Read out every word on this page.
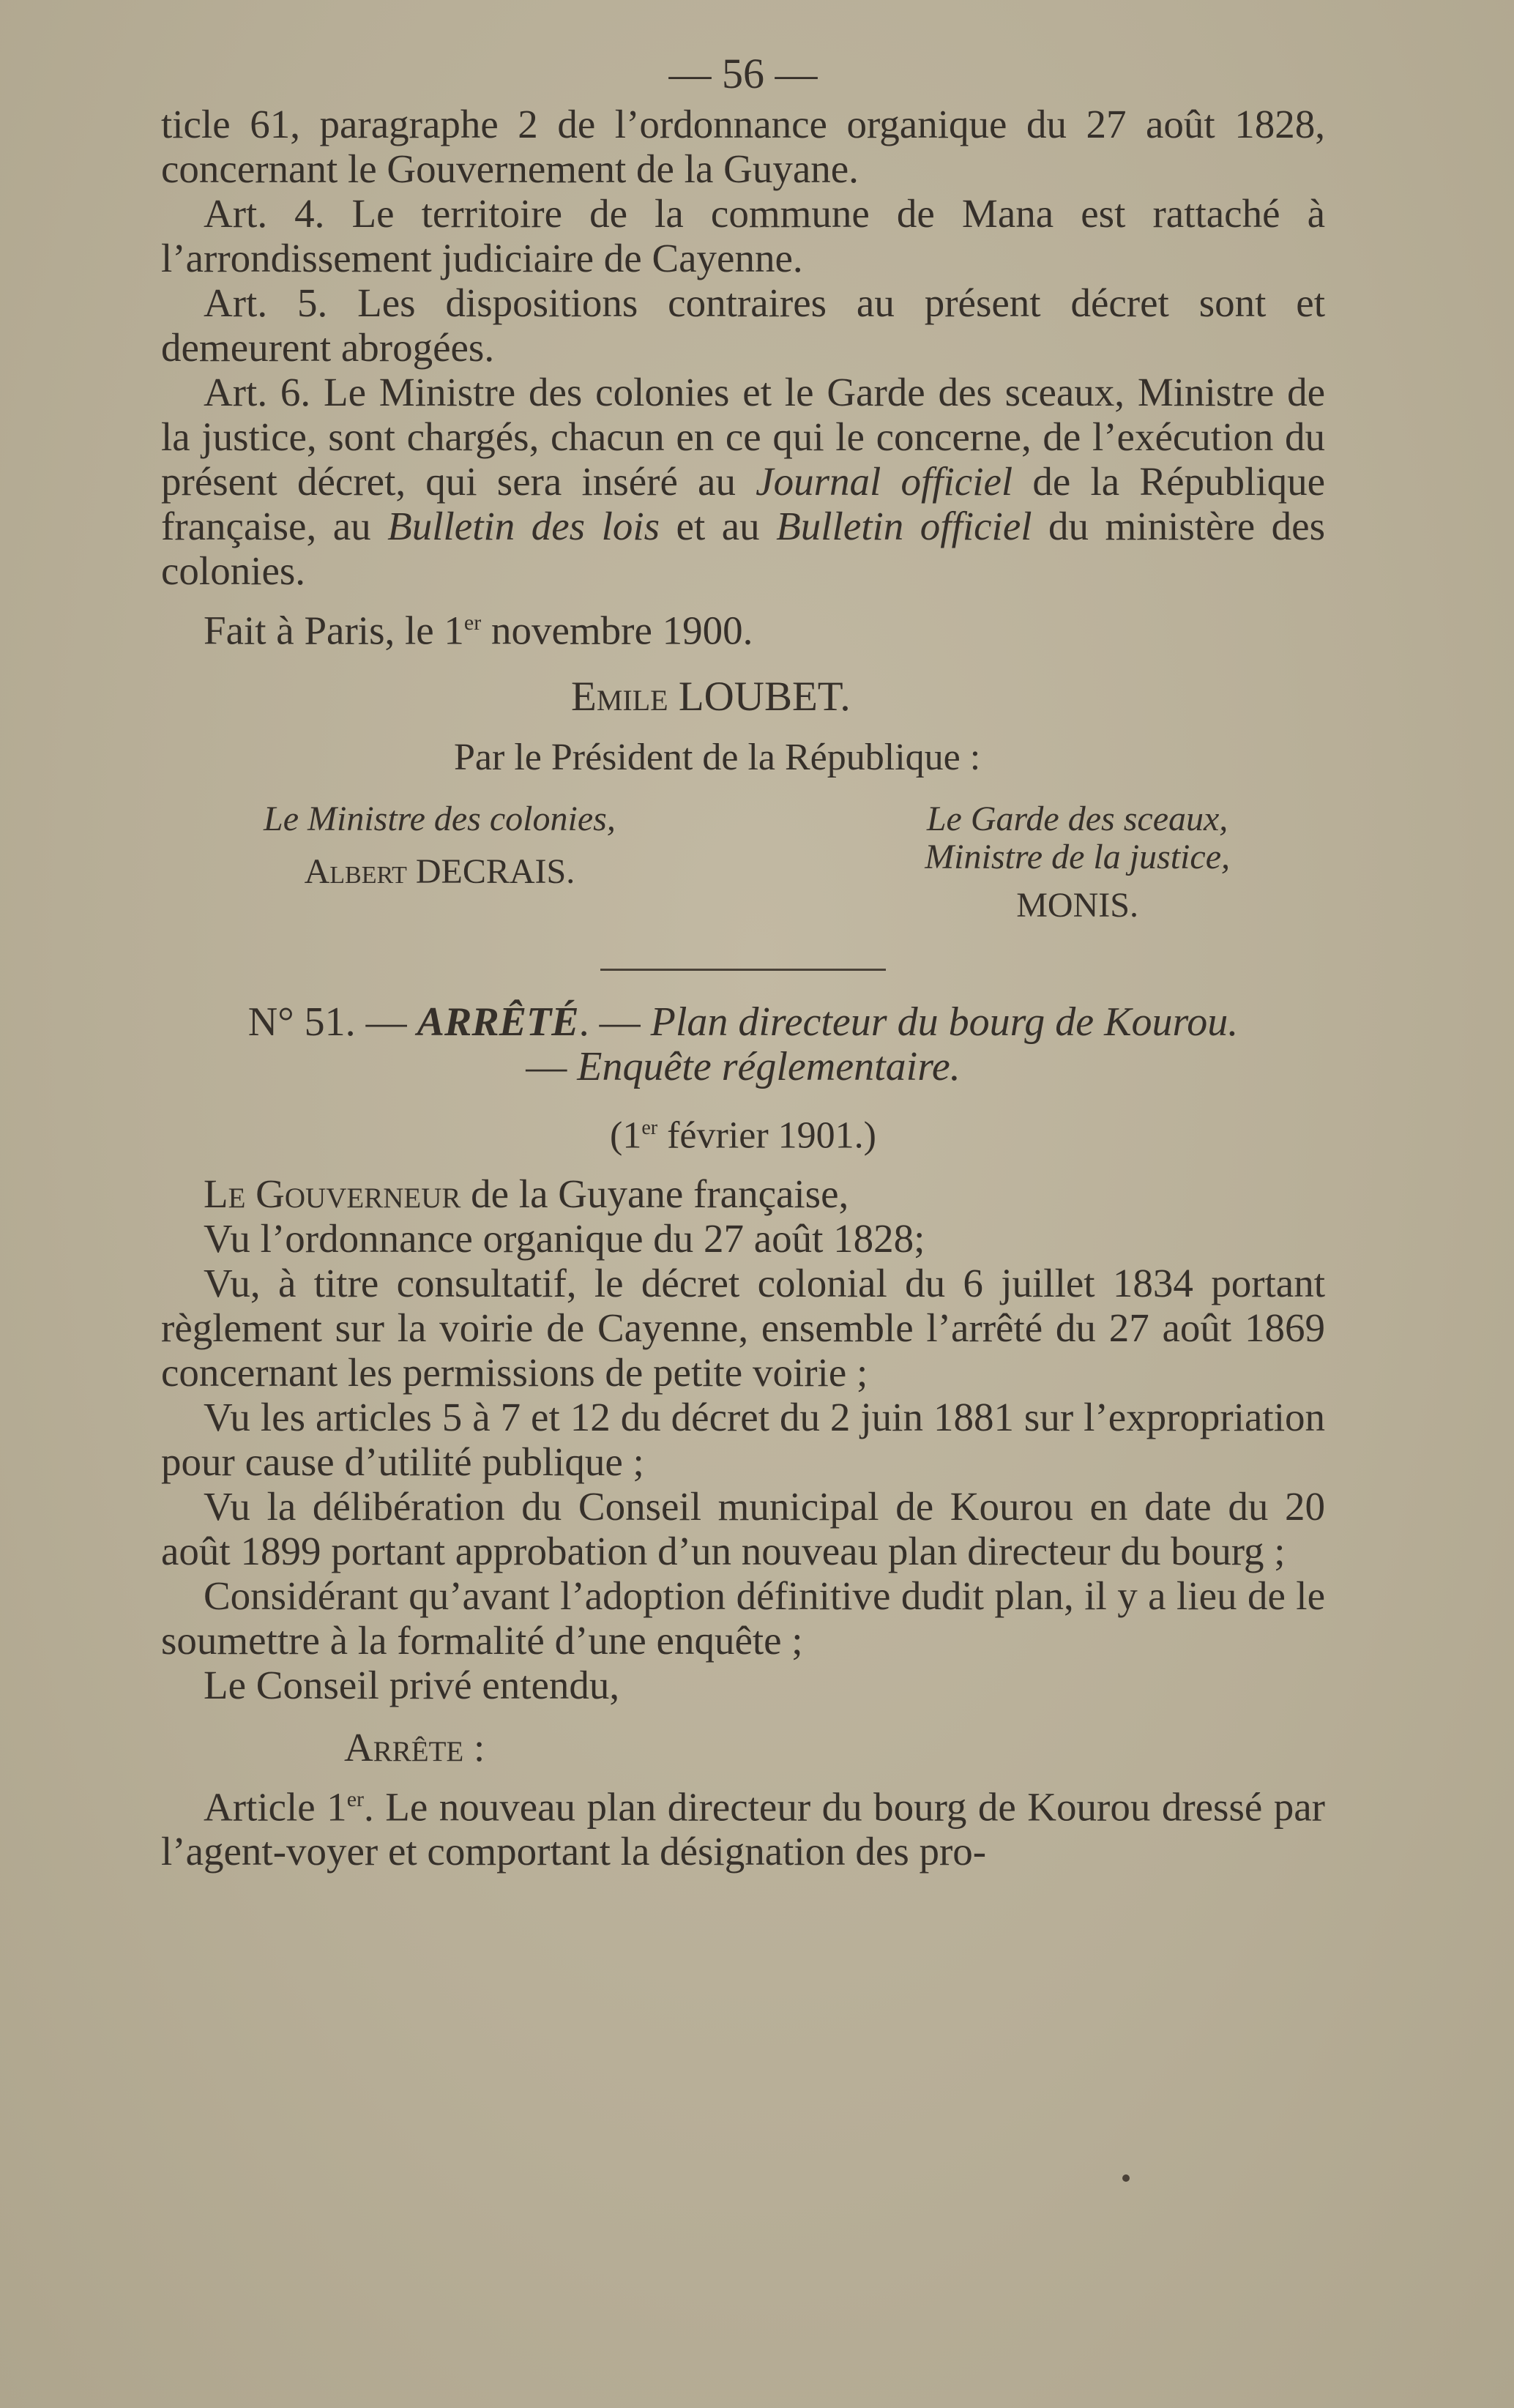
— 56 —

ticle 61, paragraphe 2 de l’ordonnance organique du 27 août 1828, concernant le Gouvernement de la Guyane.

Art. 4. Le territoire de la commune de Mana est rattaché à l’arrondissement judiciaire de Cayenne.

Art. 5. Les dispositions contraires au présent décret sont et demeurent abrogées.

Art. 6. Le Ministre des colonies et le Garde des sceaux, Ministre de la justice, sont chargés, chacun en ce qui le concerne, de l’exécution du présent décret, qui sera inséré au Journal officiel de la République française, au Bulletin des lois et au Bulletin officiel du ministère des colonies.

Fait à Paris, le 1er novembre 1900.

Emile LOUBET.
Par le Président de la République :
Le Ministre des colonies,
Albert DECRAIS.
Le Garde des sceaux,
Ministre de la justice,
MONIS.

N° 51. — ARRÊTÉ. — Plan directeur du bourg de Kourou.

— Enquête réglementaire.

(1er février 1901.)

Le Gouverneur de la Guyane française,

Vu l’ordonnance organique du 27 août 1828;

Vu, à titre consultatif, le décret colonial du 6 juillet 1834 portant règlement sur la voirie de Cayenne, ensemble l’arrêté du 27 août 1869 concernant les permissions de petite voirie ;

Vu les articles 5 à 7 et 12 du décret du 2 juin 1881 sur l’expropriation pour cause d’utilité publique ;

Vu la délibération du Conseil municipal de Kourou en date du 20 août 1899 portant approbation d’un nouveau plan directeur du bourg ;

Considérant qu’avant l’adoption définitive dudit plan, il y a lieu de le soumettre à la formalité d’une enquête ;

Le Conseil privé entendu,

Arrête :

Article 1er. Le nouveau plan directeur du bourg de Kourou dressé par l’agent-voyer et comportant la désignation des pro-
